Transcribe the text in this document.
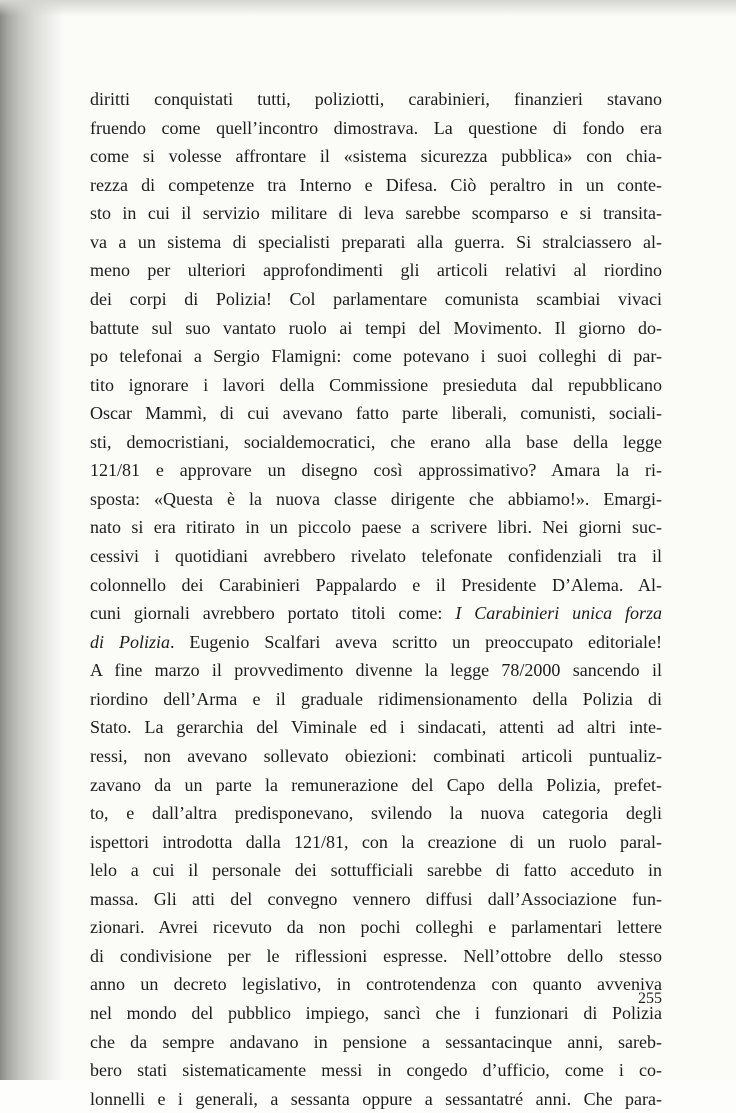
diritti conquistati tutti, poliziotti, carabinieri, finanzieri stavano
fruendo come quell’incontro dimostrava. La questione di fondo era
come si volesse affrontare il «sistema sicurezza pubblica» con chia-
rezza di competenze tra Interno e Difesa. Ciò peraltro in un conte-
sto in cui il servizio militare di leva sarebbe scomparso e si transita-
va a un sistema di specialisti preparati alla guerra. Si stralciassero al-
meno per ulteriori approfondimenti gli articoli relativi al riordino
dei corpi di Polizia! Col parlamentare comunista scambiai vivaci
battute sul suo vantato ruolo ai tempi del Movimento. Il giorno do-
po telefonai a Sergio Flamigni: come potevano i suoi colleghi di par-
tito ignorare i lavori della Commissione presieduta dal repubblicano
Oscar Mammì, di cui avevano fatto parte liberali, comunisti, sociali-
sti, democristiani, socialdemocratici, che erano alla base della legge
121/81 e approvare un disegno così approssimativo? Amara la ri-
sposta: «Questa è la nuova classe dirigente che abbiamo!». Emargi-
nato si era ritirato in un piccolo paese a scrivere libri. Nei giorni suc-
cessivi i quotidiani avrebbero rivelato telefonate confidenziali tra il
colonnello dei Carabinieri Pappalardo e il Presidente D’Alema. Al-
cuni giornali avrebbero portato titoli come: I Carabinieri unica forza
di Polizia. Eugenio Scalfari aveva scritto un preoccupato editoriale!
A fine marzo il provvedimento divenne la legge 78/2000 sancendo il
riordino dell’Arma e il graduale ridimensionamento della Polizia di
Stato. La gerarchia del Viminale ed i sindacati, attenti ad altri inte-
ressi, non avevano sollevato obiezioni: combinati articoli puntualiz-
zavano da un parte la remunerazione del Capo della Polizia, prefet-
to, e dall’altra predisponevano, svilendo la nuova categoria degli
ispettori introdotta dalla 121/81, con la creazione di un ruolo paral-
lelo a cui il personale dei sottufficiali sarebbe di fatto acceduto in
massa. Gli atti del convegno vennero diffusi dall’Associazione fun-
zionari. Avrei ricevuto da non pochi colleghi e parlamentari lettere
di condivisione per le riflessioni espresse. Nell’ottobre dello stesso
anno un decreto legislativo, in controtendenza con quanto avveniva
nel mondo del pubblico impiego, sancì che i funzionari di Polizia
che da sempre andavano in pensione a sessantacinque anni, sareb-
bero stati sistematicamente messi in congedo d’ufficio, come i co-
lonnelli e i generali, a sessanta oppure a sessantatré anni. Che para-
255
